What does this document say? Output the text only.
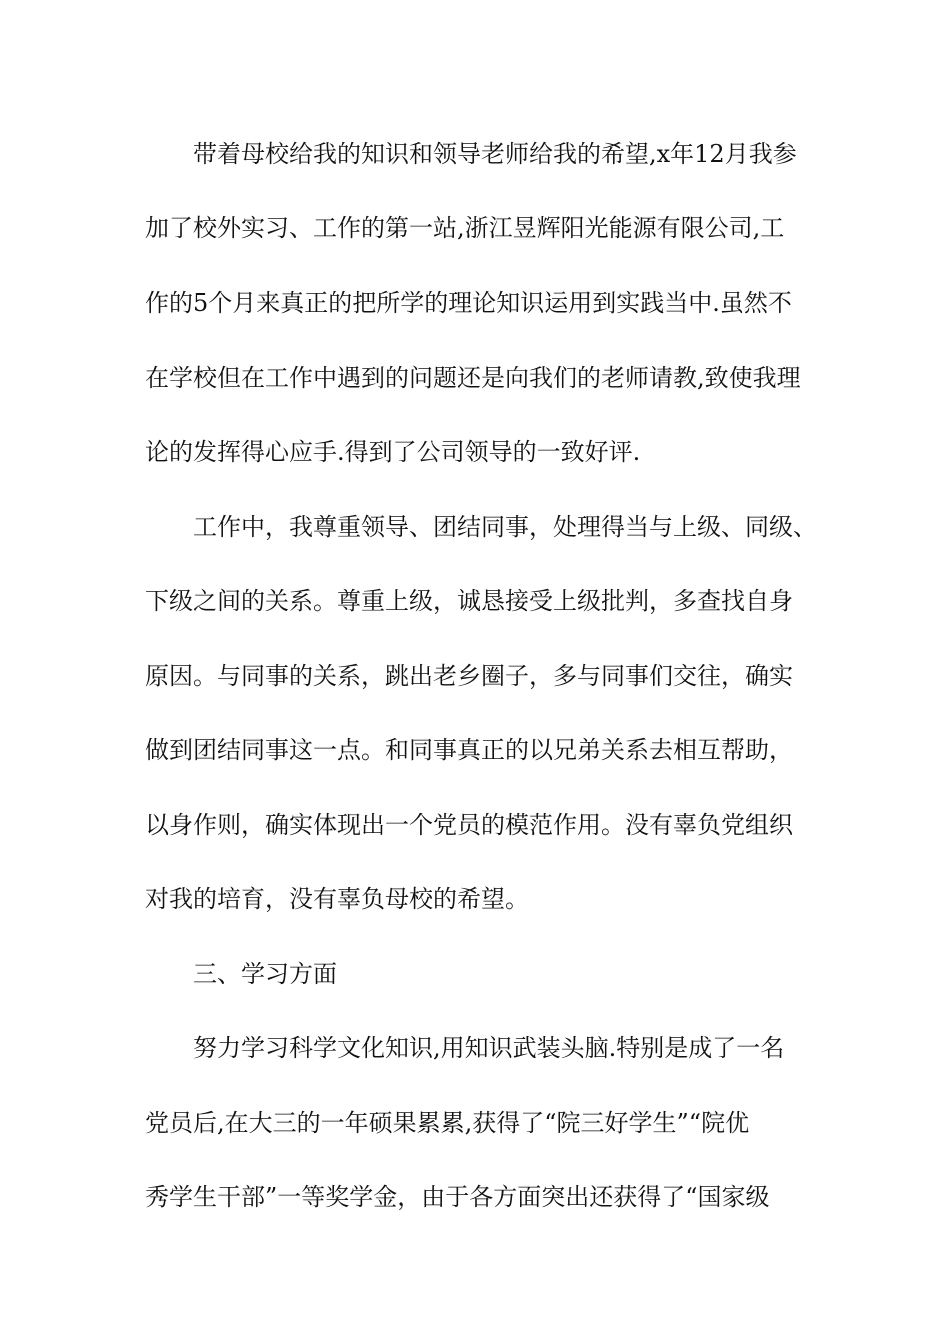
带着母校给我的知识和领导老师给我的希望,x年12月我参
加了校外实习、工作的第一站,浙江昱辉阳光能源有限公司,工
作的5个月来真正的把所学的理论知识运用到实践当中.虽然不
在学校但在工作中遇到的问题还是向我们的老师请教,致使我理
论的发挥得心应手.得到了公司领导的一致好评.
工作中，我尊重领导、团结同事，处理得当与上级、同级、
下级之间的关系。尊重上级，诚恳接受上级批判，多查找自身
原因。与同事的关系，跳出老乡圈子，多与同事们交往，确实
做到团结同事这一点。和同事真正的以兄弟关系去相互帮助，
以身作则，确实体现出一个党员的模范作用。没有辜负党组织
对我的培育，没有辜负母校的希望。
三、学习方面
努力学习科学文化知识,用知识武装头脑.特别是成了一名
党员后,在大三的一年硕果累累,获得了“院三好学生”“院优
秀学生干部”一等奖学金，由于各方面突出还获得了“国家级
